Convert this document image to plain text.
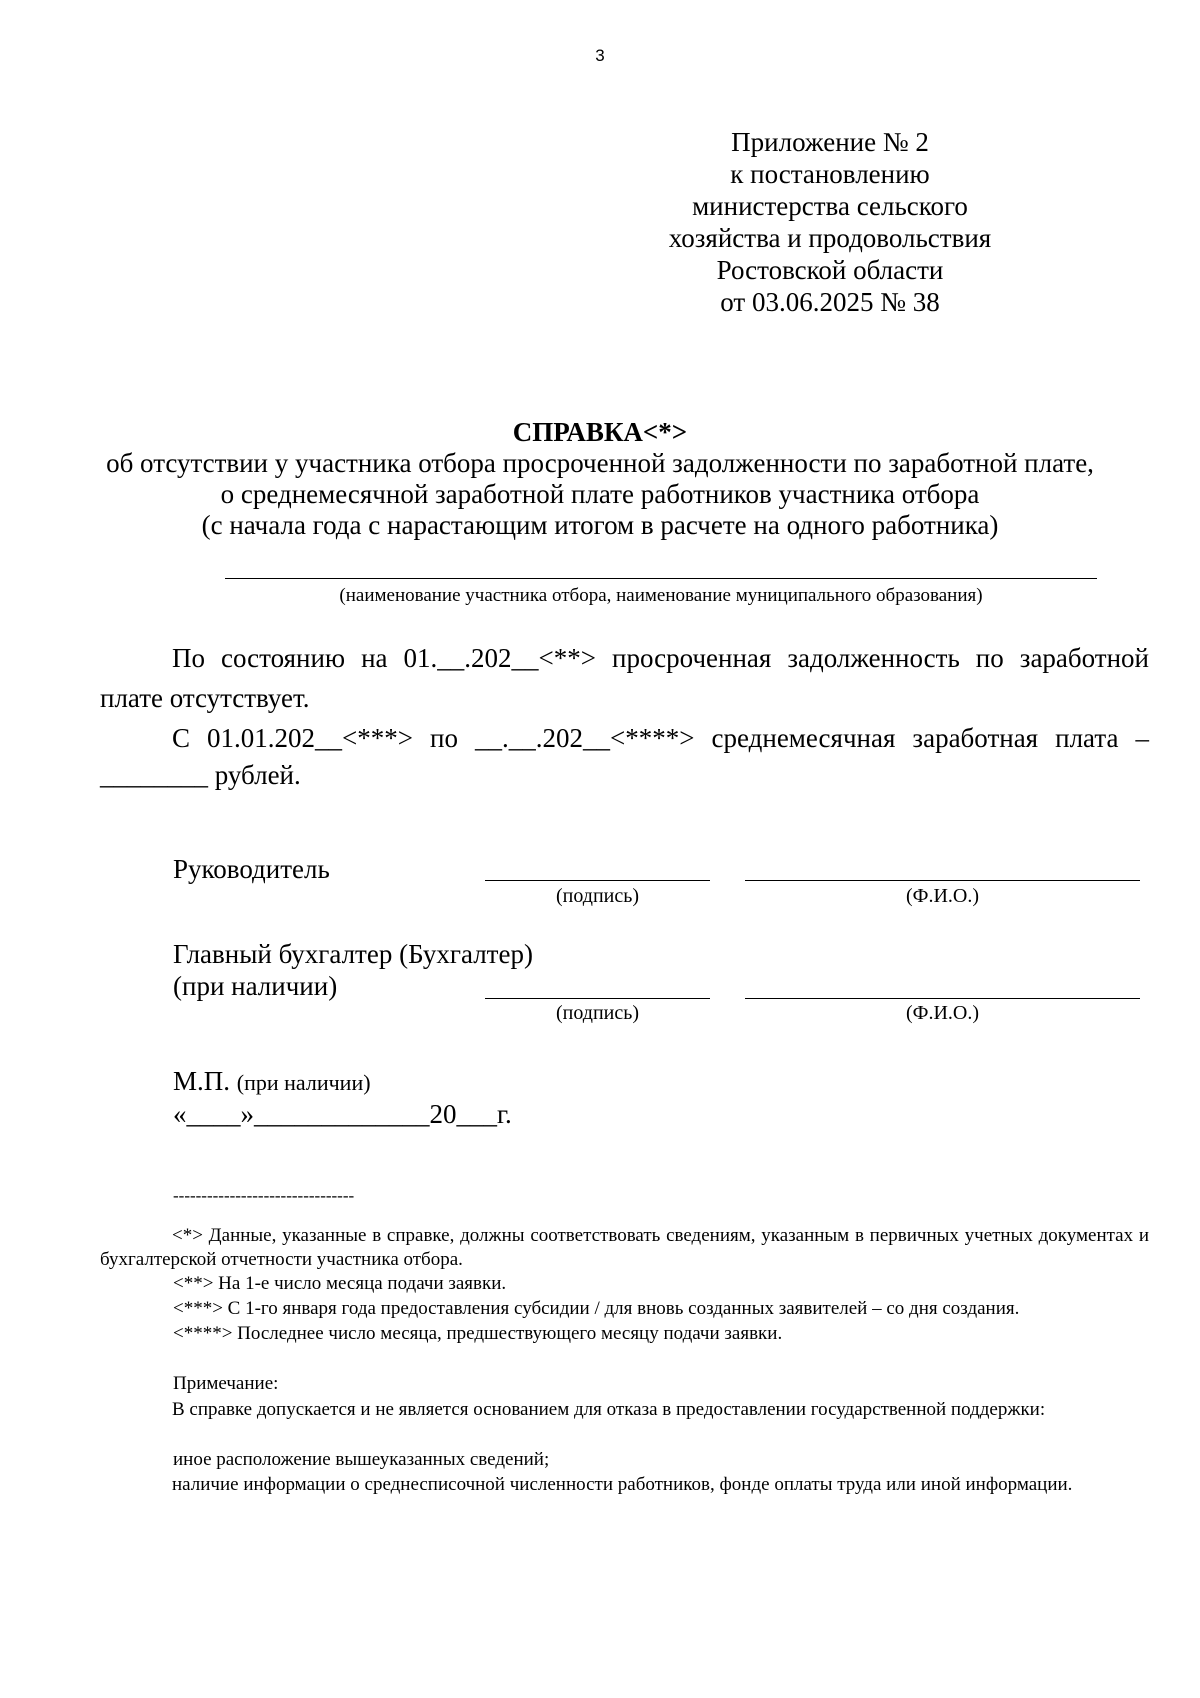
3
Приложение № 2
к постановлению
министерства сельского
хозяйства и продовольствия
Ростовской области
от 03.06.2025 № 38
СПРАВКА<*>
об отсутствии у участника отбора просроченной задолженности по заработной плате,
о среднемесячной заработной плате работников участника отбора
(с начала года с нарастающим итогом в расчете на одного работника)
(наименование участника отбора, наименование муниципального образования)
По состоянию на 01.__.202__<**> просроченная задолженность по заработной плате отсутствует.
С 01.01.202__<***> по __.__.202__<****> среднемесячная заработная плата –
________ рублей.
Руководитель
(подпись)	(Ф.И.О.)
Главный бухгалтер (Бухгалтер)
(при наличии)
(подпись)	(Ф.И.О.)
М.П. (при наличии)
«____»_____________20___г.
--------------------------------
<*> Данные, указанные в справке, должны соответствовать сведениям, указанным в первичных учетных документах и бухгалтерской отчетности участника отбора.
<**> На 1-е число месяца подачи заявки.
<***> С 1-го января года предоставления субсидии / для вновь созданных заявителей – со дня создания.
<****> Последнее число месяца, предшествующего месяцу подачи заявки.
Примечание:
В справке допускается и не является основанием для отказа в предоставлении государственной поддержки:
иное расположение вышеуказанных сведений;
наличие информации о среднесписочной численности работников, фонде оплаты труда или иной информации.
